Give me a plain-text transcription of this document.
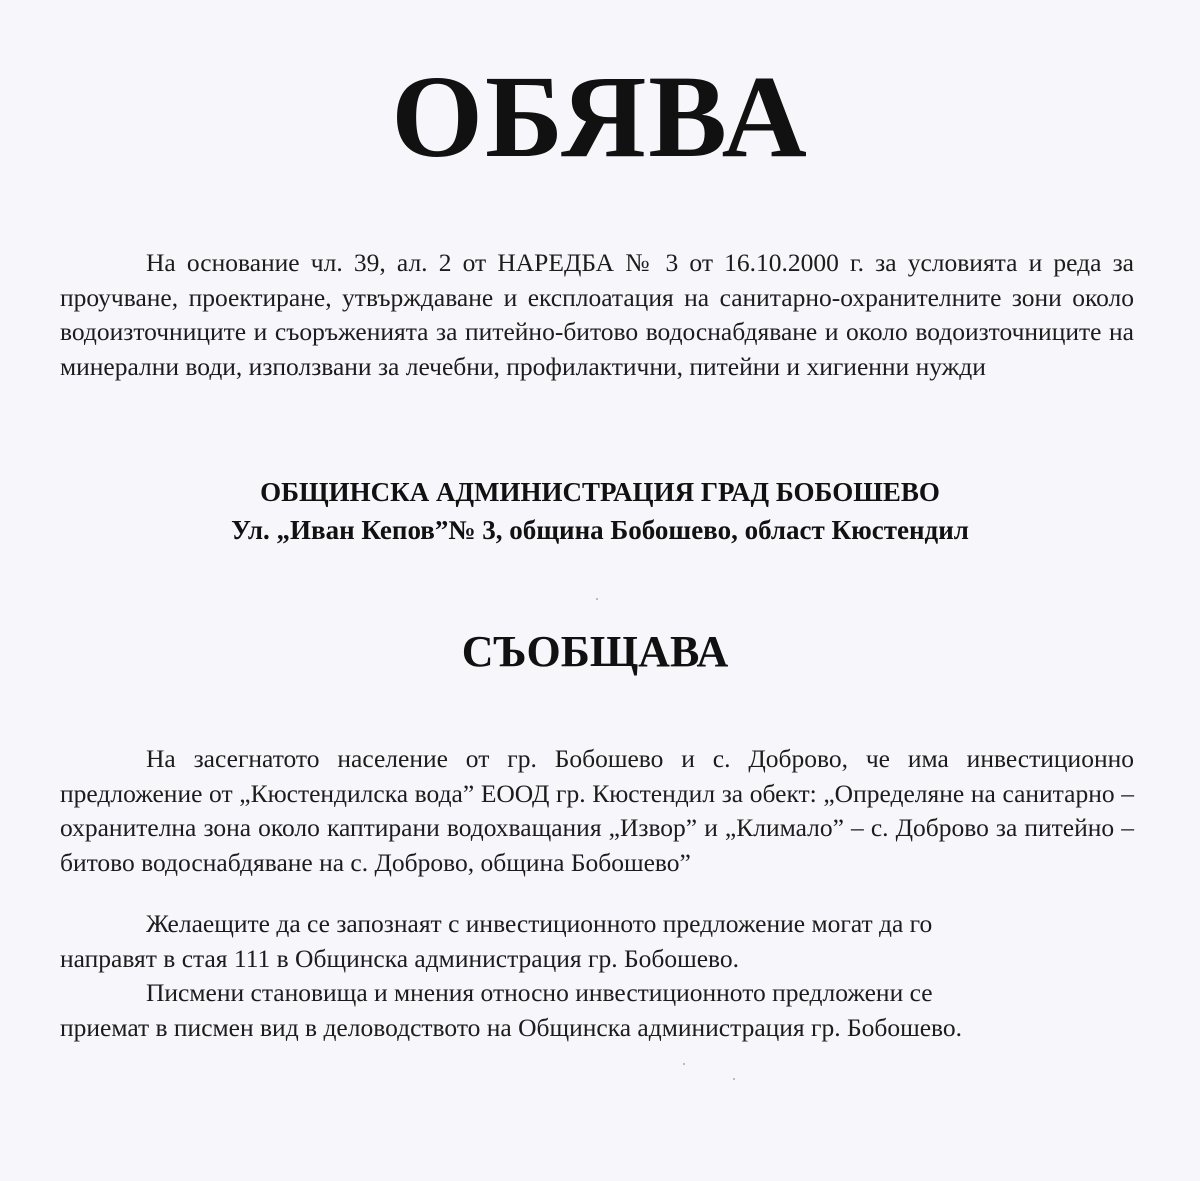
ОБЯВА

На основание чл. 39, ал. 2 от НАРЕДБА № 3 от 16.10.2000 г. за условията и реда за проучване, проектиране, утвърждаване и експлоатация на санитарно-охранителните зони около водоизточниците и съоръженията за питейно-битово водоснабдяване и около водоизточниците на минерални води, използвани за лечебни, профилактични, питейни и хигиенни нужди

ОБЩИНСКА АДМИНИСТРАЦИЯ ГРАД БОБОШЕВО
Ул. „Иван Кепов”№ 3, община Бобошево, област Кюстендил
СЪОБЩАВА

На засегнатото население от гр. Бобошево и с. Доброво, че има инвестиционно предложение от „Кюстендилска вода” ЕООД гр. Кюстендил за обект: „Определяне на санитарно – охранителна зона около каптирани водохващания „Извор” и „Климало” – с. Доброво за питейно – битово водоснабдяване на с. Доброво, община Бобошево”

Желаещите да се запознаят с инвестиционното предложение могат да го
направят в стая 111 в Общинска администрация гр. Бобошево.
Писмени становища и мнения относно инвестиционното предложени се
приемат в писмен вид в деловодството на Общинска администрация гр. Бобошево.
